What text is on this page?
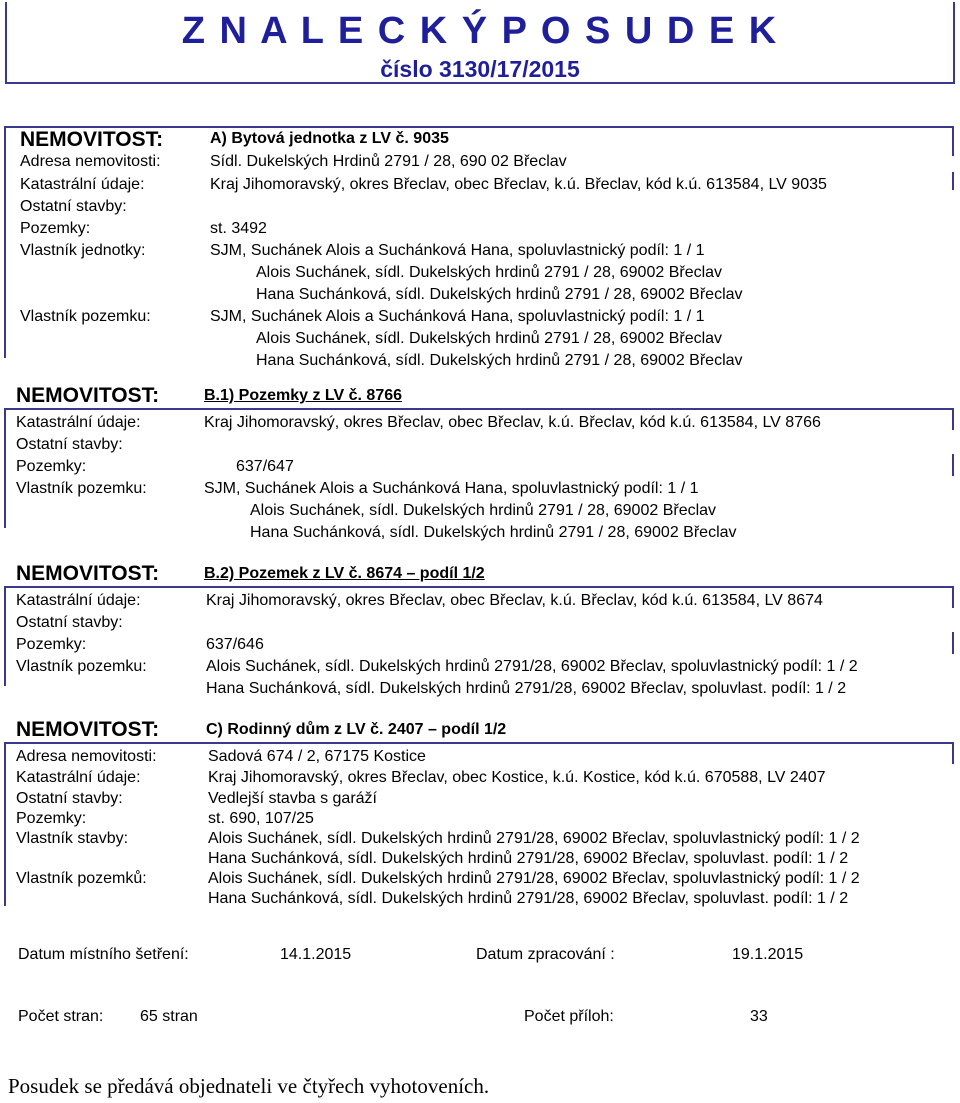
Z N A L E C K Ý P O S U D E K
číslo 3130/17/2015
NEMOVITOST:	A) Bytová jednotka z LV č. 9035
Adresa nemovitosti:	Sídl. Dukelských Hrdinů 2791 / 28, 690 02 Břeclav
Katastrální údaje:	Kraj Jihomoravský, okres Břeclav, obec Břeclav, k.ú. Břeclav, kód k.ú. 613584, LV 9035
Ostatní stavby:
Pozemky:	st. 3492
Vlastník jednotky:	SJM, Suchánek Alois a Suchánková Hana, spoluvlastnický podíl: 1 / 1
Alois Suchánek, sídl. Dukelských hrdinů 2791 / 28, 69002 Břeclav
Hana Suchánková, sídl. Dukelských hrdinů 2791 / 28, 69002 Břeclav
Vlastník pozemku:	SJM, Suchánek Alois a Suchánková Hana, spoluvlastnický podíl: 1 / 1
Alois Suchánek, sídl. Dukelských hrdinů 2791 / 28, 69002 Břeclav
Hana Suchánková, sídl. Dukelských hrdinů 2791 / 28, 69002 Břeclav
NEMOVITOST:	B.1) Pozemky z LV č. 8766
Katastrální údaje:	Kraj Jihomoravský, okres Břeclav, obec Břeclav, k.ú. Břeclav, kód k.ú. 613584, LV 8766
Ostatní stavby:
Pozemky:	637/647
Vlastník pozemku:	SJM, Suchánek Alois a Suchánková Hana, spoluvlastnický podíl: 1 / 1
Alois Suchánek, sídl. Dukelských hrdinů 2791 / 28, 69002 Břeclav
Hana Suchánková, sídl. Dukelských hrdinů 2791 / 28, 69002 Břeclav
NEMOVITOST:	B.2) Pozemek z LV č. 8674 – podíl 1/2
Katastrální údaje:	Kraj Jihomoravský, okres Břeclav, obec Břeclav, k.ú. Břeclav, kód k.ú. 613584, LV 8674
Ostatní stavby:
Pozemky:	637/646
Vlastník pozemku:	Alois Suchánek, sídl. Dukelských hrdinů 2791/28, 69002 Břeclav, spoluvlastnický podíl: 1 / 2
Hana Suchánková, sídl. Dukelských hrdinů 2791/28, 69002 Břeclav, spoluvlast. podíl: 1 / 2
NEMOVITOST:	C) Rodinný dům z LV č. 2407 – podíl 1/2
Adresa nemovitosti:	Sadová 674 / 2, 67175 Kostice
Katastrální údaje:	Kraj Jihomoravský, okres Břeclav, obec Kostice, k.ú. Kostice, kód k.ú. 670588, LV 2407
Ostatní stavby:	Vedlejší stavba s garáží
Pozemky:	st. 690, 107/25
Vlastník stavby:	Alois Suchánek, sídl. Dukelských hrdinů 2791/28, 69002 Břeclav, spoluvlastnický podíl: 1 / 2
Hana Suchánková, sídl. Dukelských hrdinů 2791/28, 69002 Břeclav, spoluvlast. podíl: 1 / 2
Vlastník pozemků:	Alois Suchánek, sídl. Dukelských hrdinů 2791/28, 69002 Břeclav, spoluvlastnický podíl: 1 / 2
Hana Suchánková, sídl. Dukelských hrdinů 2791/28, 69002 Břeclav, spoluvlast. podíl: 1 / 2
Datum místního šetření:	14.1.2015	Datum zpracování :	19.1.2015
Počet stran: 65 stran	Počet příloh:	33
Posudek se předává objednateli ve čtyřech vyhotoveních.
